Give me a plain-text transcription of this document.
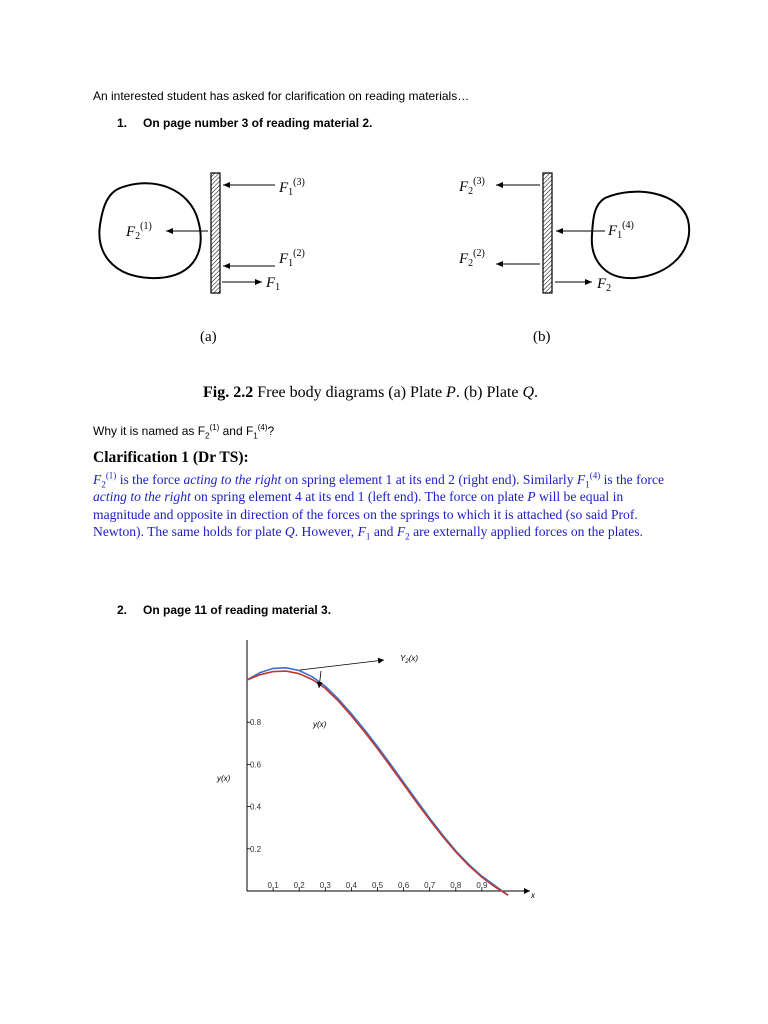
An interested student has asked for clarification on reading materials…
1. On page number 3 of reading material 2.
$F_1^{(3)}$
$F_1^{(2)}$
$F_1$
$F_2^{(1)}$
(a)
$F_2^{(3)}$
$F_2^{(2)}$
$F_2$
$F_1^{(4)}$
(b)
Fig. 2.2 Free body diagrams (a) Plate P. (b) Plate Q.
Why it is named as $F_2^{(1)}$ and $F_1^{(4)}$?
Clarification 1 (Dr TS):
$F_2^{(1)}$ is the force acting to the right on spring element 1 at its end 2 (right end). Similarly $F_1^{(4)}$ is the force acting to the right on spring element 4 at its end 1 (left end). The force on plate P will be equal in magnitude and opposite in direction of the forces on the springs to which it is attached (so said Prof. Newton). The same holds for plate Q. However, $F_1$ and $F_2$ are externally applied forces on the plates.
2. On page 11 of reading material 3.
0.1 0.2 0.3 0.4 0.5 0.6 0.7 0.8 0.9
0.2
0.4
0.6
0.8
$Y_2(x)$
y(x)
y(x)
x
